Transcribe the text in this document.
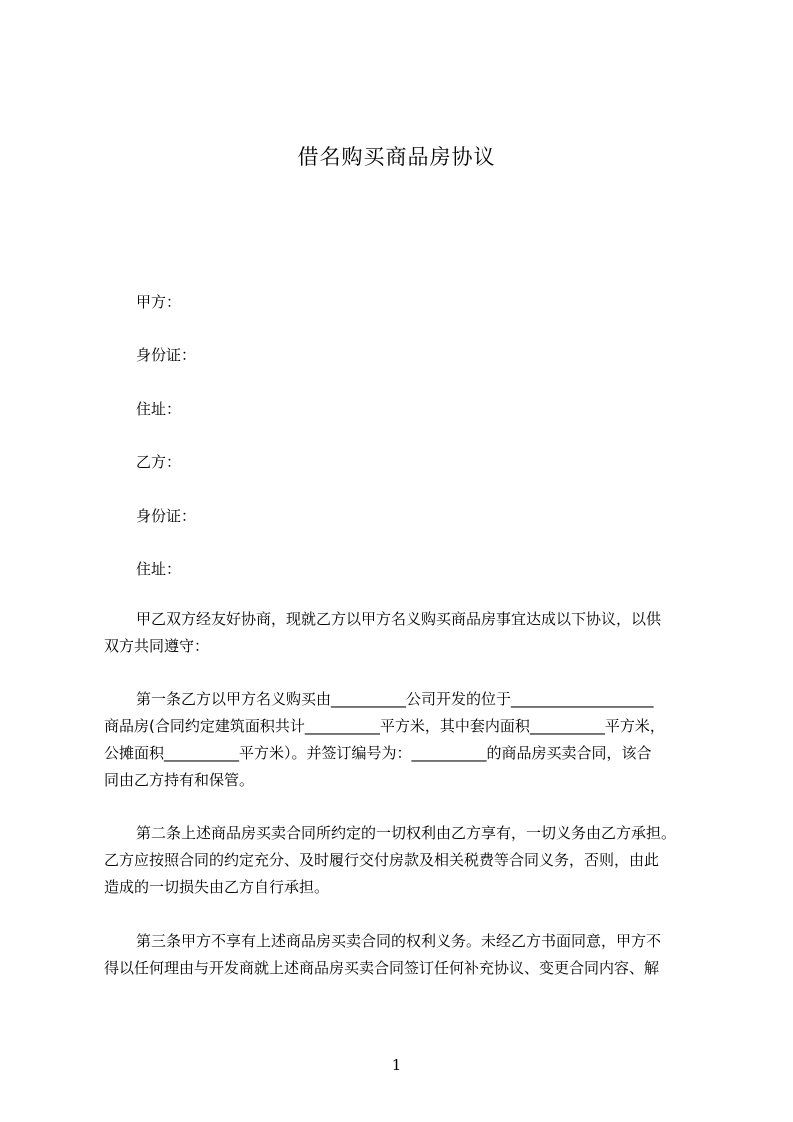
借名购买商品房协议
甲方：
身份证：
住址：
乙方：
身份证：
住址：
甲乙双方经友好协商，现就乙方以甲方名义购买商品房事宜达成以下协议，以供
双方共同遵守：
第一条乙方以甲方名义购买由__________公司开发的位于___________________
商品房(合同约定建筑面积共计__________平方米，其中套内面积__________平方米，
公摊面积__________平方米）。并签订编号为：__________的商品房买卖合同，该合
同由乙方持有和保管。
第二条上述商品房买卖合同所约定的一切权利由乙方享有，一切义务由乙方承担。
乙方应按照合同的约定充分、及时履行交付房款及相关税费等合同义务，否则，由此
造成的一切损失由乙方自行承担。
第三条甲方不享有上述商品房买卖合同的权利义务。未经乙方书面同意，甲方不
得以任何理由与开发商就上述商品房买卖合同签订任何补充协议、变更合同内容、解
1
